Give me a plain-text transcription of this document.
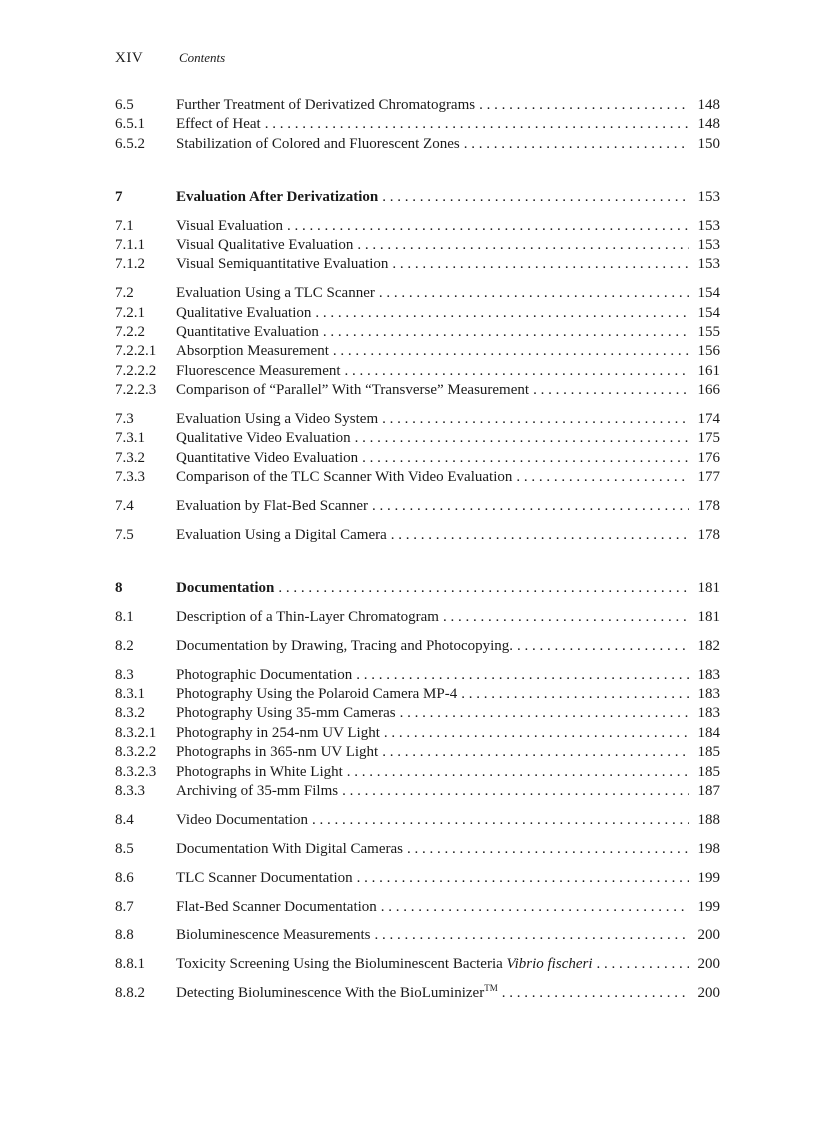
XIV	Contents
6.5	Further Treatment of Derivatized Chromatograms . . .	148
6.5.1	Effect of Heat . . .	148
6.5.2	Stabilization of Colored and Fluorescent Zones . . .	150
7	Evaluation After Derivatization . . .	153
7.1	Visual Evaluation . . .	153
7.1.1	Visual Qualitative Evaluation . . .	153
7.1.2	Visual Semiquantitative Evaluation . . .	153
7.2	Evaluation Using a TLC Scanner . . .	154
7.2.1	Qualitative Evaluation . . .	154
7.2.2	Quantitative Evaluation . . .	155
7.2.2.1	Absorption Measurement . . .	156
7.2.2.2	Fluorescence Measurement . . .	161
7.2.2.3	Comparison of “Parallel” With “Transverse” Measurement . . .	166
7.3	Evaluation Using a Video System . . .	174
7.3.1	Qualitative Video Evaluation . . .	175
7.3.2	Quantitative Video Evaluation . . .	176
7.3.3	Comparison of the TLC Scanner With Video Evaluation . . .	177
7.4	Evaluation by Flat-Bed Scanner . . .	178
7.5	Evaluation Using a Digital Camera . . .	178
8	Documentation . . .	181
8.1	Description of a Thin-Layer Chromatogram . . .	181
8.2	Documentation by Drawing, Tracing and Photocopying. . . .	182
8.3	Photographic Documentation . . .	183
8.3.1	Photography Using the Polaroid Camera MP-4 . . .	183
8.3.2	Photography Using 35-mm Cameras . . .	183
8.3.2.1	Photography in 254-nm UV Light . . .	184
8.3.2.2	Photographs in 365-nm UV Light . . .	185
8.3.2.3	Photographs in White Light . . .	185
8.3.3	Archiving of 35-mm Films . . .	187
8.4	Video Documentation . . .	188
8.5	Documentation With Digital Cameras . . .	198
8.6	TLC Scanner Documentation . . .	199
8.7	Flat-Bed Scanner Documentation . . .	199
8.8	Bioluminescence Measurements . . .	200
8.8.1	Toxicity Screening Using the Bioluminescent Bacteria Vibrio fischeri . . .	200
8.8.2	Detecting Bioluminescence With the BioLuminizer™ . . .	200
